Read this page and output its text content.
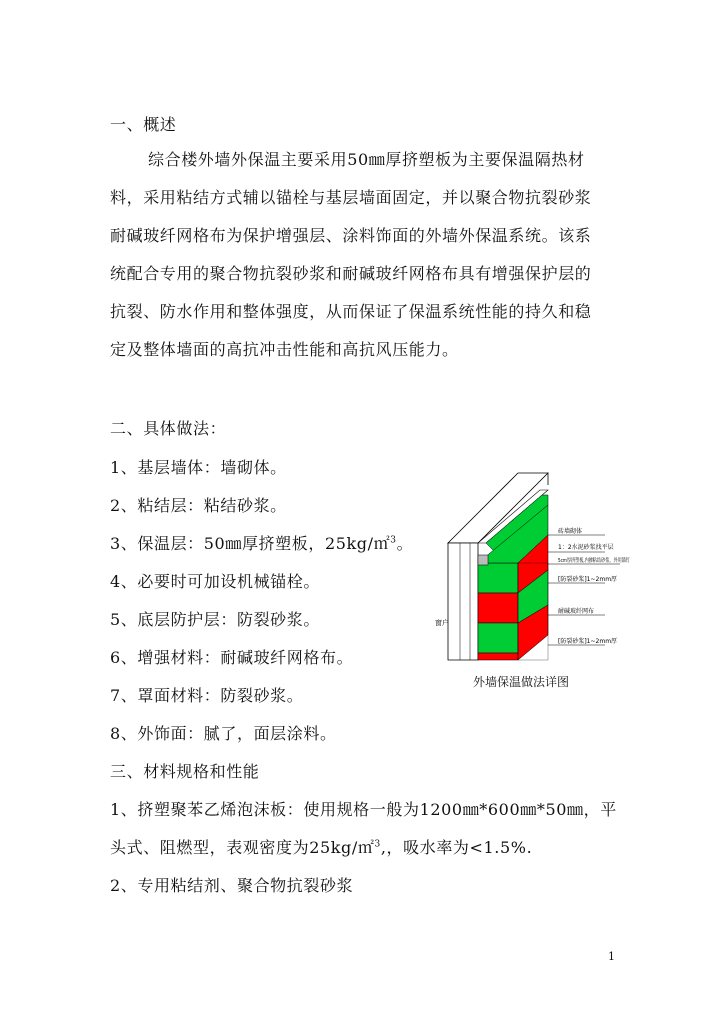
一、概述
综合楼外墙外保温主要采用50㎜厚挤塑板为主要保温隔热材
料，采用粘结方式辅以锚栓与基层墙面固定，并以聚合物抗裂砂浆
耐碱玻纤网格布为保护增强层、涂料饰面的外墙外保温系统。该系
统配合专用的聚合物抗裂砂浆和耐碱玻纤网格布具有增强保护层的
抗裂、防水作用和整体强度，从而保证了保温系统性能的持久和稳
定及整体墙面的高抗冲击性能和高抗风压能力。
二、具体做法：
1、基层墙体：墙砌体。
2、粘结层：粘结砂浆。
3、保温层：50㎜厚挤塑板，25kg/㎡$^3$。
4、必要时可加设机械锚栓。
5、底层防护层：防裂砂浆。
6、增强材料：耐碱玻纤网格布。
7、罩面材料：防裂砂浆。
8、外饰面：腻了，面层涂料。
三、材料规格和性能
1、挤塑聚苯乙烯泡沫板：使用规格一般为1200㎜*600㎜*50㎜，平
头式、阻燃型，表观密度为25kg/㎡$^3$,，吸水率为<1.5%.
2、专用粘结剂、聚合物抗裂砂浆
砖墙砌体
1：2水泥砂浆找平层
5cm厚挤塑板,内掺粘结砂浆，外用锚钉
[防裂砂浆]1~2mm厚
耐碱玻纤网布
[防裂砂浆]1~2mm厚
窗户
外墙保温做法详图
1
